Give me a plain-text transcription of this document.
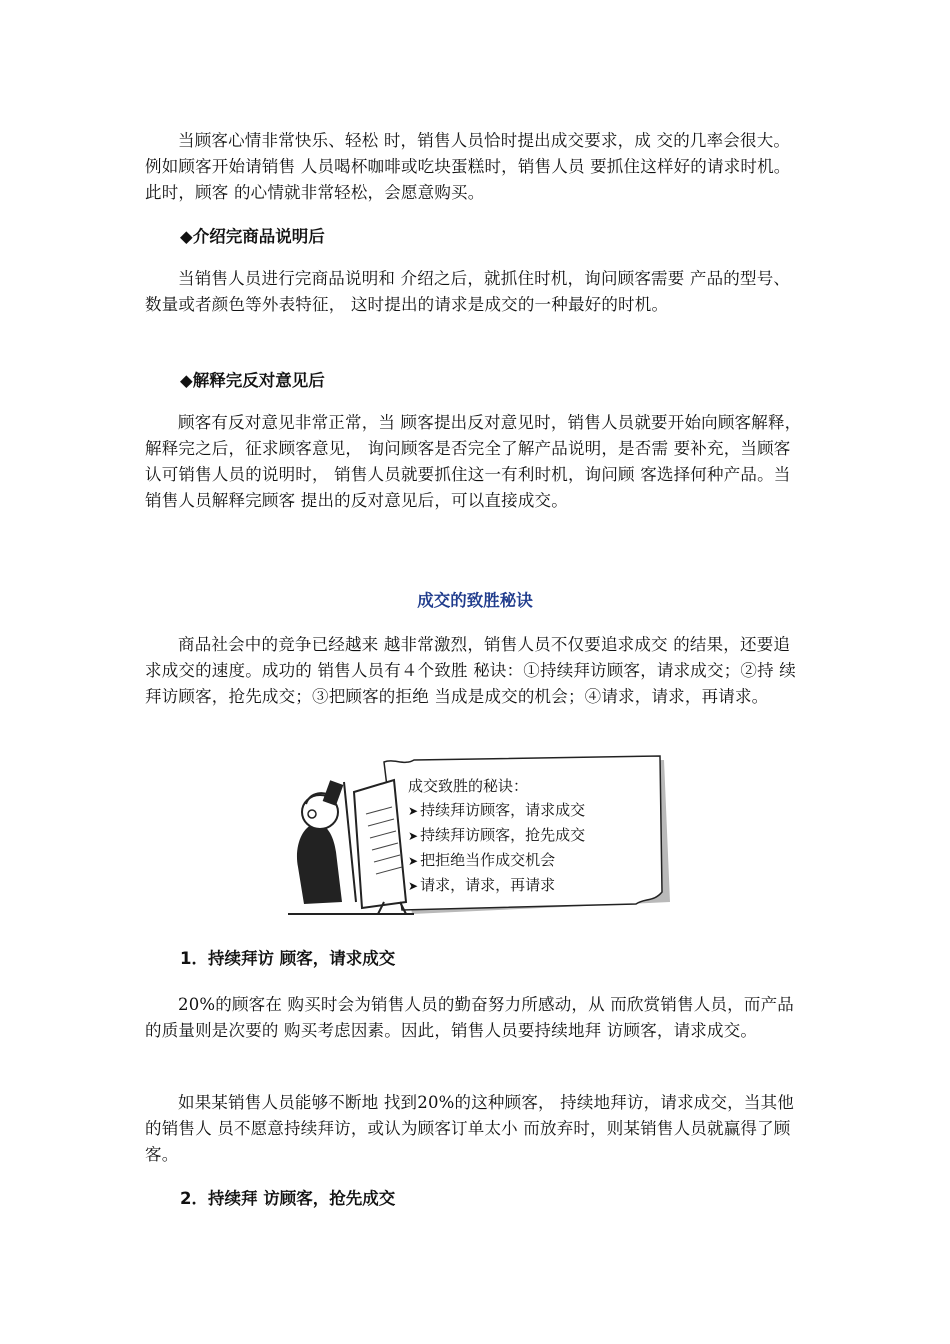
当顾客心情非常快乐、轻松 时，销售人员恰时提出成交要求，成 交的几率会很大。例如顾客开始请销售 人员喝杯咖啡或吃块蛋糕时，销售人员 要抓住这样好的请求时机。此时，顾客 的心情就非常轻松，会愿意购买。

◆介绍完商品说明后

当销售人员进行完商品说明和 介绍之后，就抓住时机，询问顾客需要 产品的型号、数量或者颜色等外表特征， 这时提出的请求是成交的一种最好的时机。

◆解释完反对意见后

顾客有反对意见非常正常，当 顾客提出反对意见时，销售人员就要开始向顾客解释，解释完之后，征求顾客意见， 询问顾客是否完全了解产品说明，是否需 要补充，当顾客认可销售人员的说明时， 销售人员就要抓住这一有利时机，询问顾 客选择何种产品。当销售人员解释完顾客 提出的反对意见后，可以直接成交。

成交的致胜秘诀

商品社会中的竞争已经越来 越非常激烈，销售人员不仅要追求成交 的结果，还要追求成交的速度。成功的 销售人员有４个致胜 秘诀：①持续拜访顾客，请求成交；②持 续拜访顾客，抢先成交；③把顾客的拒绝 当成是成交的机会；④请求，请求，再请求。

成交致胜的秘诀：
➤ 持续拜访顾客，请求成交
➤ 持续拜访顾客，抢先成交
➤ 把拒绝当作成交机会
➤ 请求，请求，再请求

1．持续拜访 顾客，请求成交

20%的顾客在 购买时会为销售人员的勤奋努力所感动，从 而欣赏销售人员，而产品的质量则是次要的 购买考虑因素。因此，销售人员要持续地拜 访顾客，请求成交。

如果某销售人员能够不断地 找到20%的这种顾客， 持续地拜访，请求成交，当其他的销售人 员不愿意持续拜访，或认为顾客订单太小 而放弃时，则某销售人员就赢得了顾客。

2．持续拜 访顾客，抢先成交
